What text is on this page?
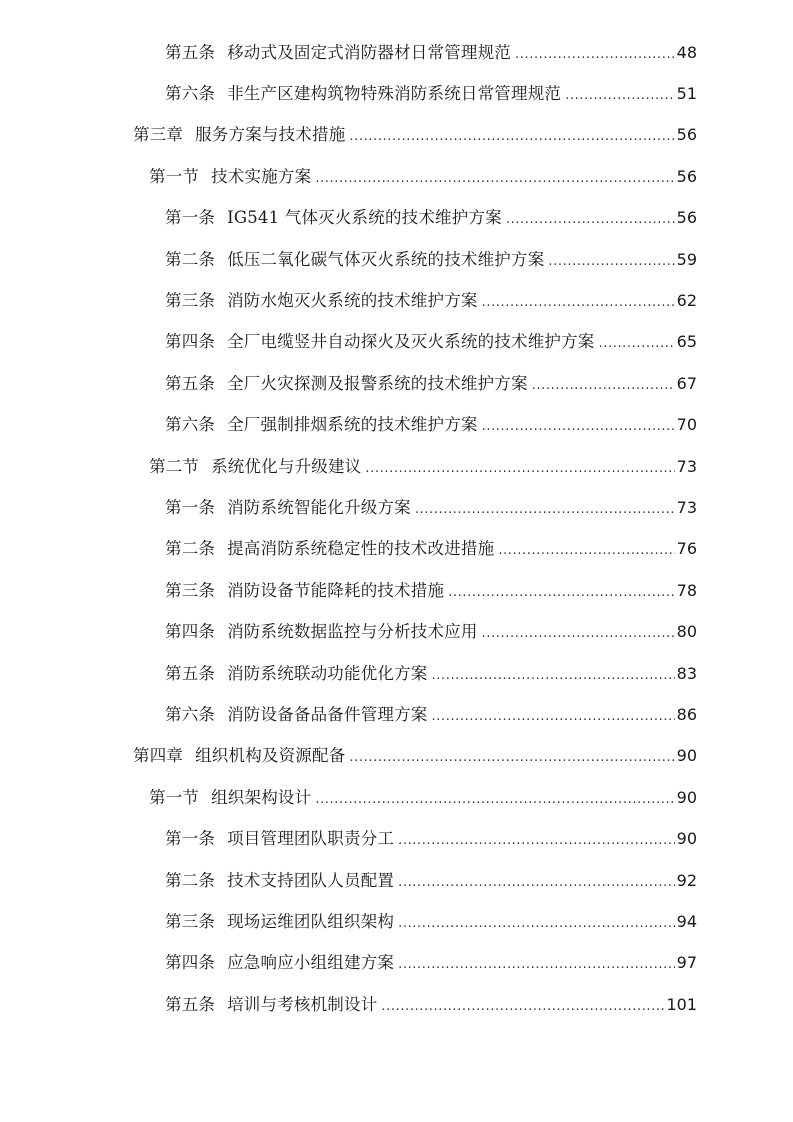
第五条 移动式及固定式消防器材日常管理规范 .....	48
第六条 非生产区建构筑物特殊消防系统日常管理规范 .....	51
第三章 服务方案与技术措施 .....	56
第一节 技术实施方案 .....	56
第一条 IG541 气体灭火系统的技术维护方案 .....	56
第二条 低压二氧化碳气体灭火系统的技术维护方案 .....	59
第三条 消防水炮灭火系统的技术维护方案 .....	62
第四条 全厂电缆竖井自动探火及灭火系统的技术维护方案 .....	65
第五条 全厂火灾探测及报警系统的技术维护方案 .....	67
第六条 全厂强制排烟系统的技术维护方案 .....	70
第二节 系统优化与升级建议 .....	73
第一条 消防系统智能化升级方案 .....	73
第二条 提高消防系统稳定性的技术改进措施 .....	76
第三条 消防设备节能降耗的技术措施 .....	78
第四条 消防系统数据监控与分析技术应用 .....	80
第五条 消防系统联动功能优化方案 .....	83
第六条 消防设备备品备件管理方案 .....	86
第四章 组织机构及资源配备 .....	90
第一节 组织架构设计 .....	90
第一条 项目管理团队职责分工 .....	90
第二条 技术支持团队人员配置 .....	92
第三条 现场运维团队组织架构 .....	94
第四条 应急响应小组组建方案 .....	97
第五条 培训与考核机制设计 .....	101
